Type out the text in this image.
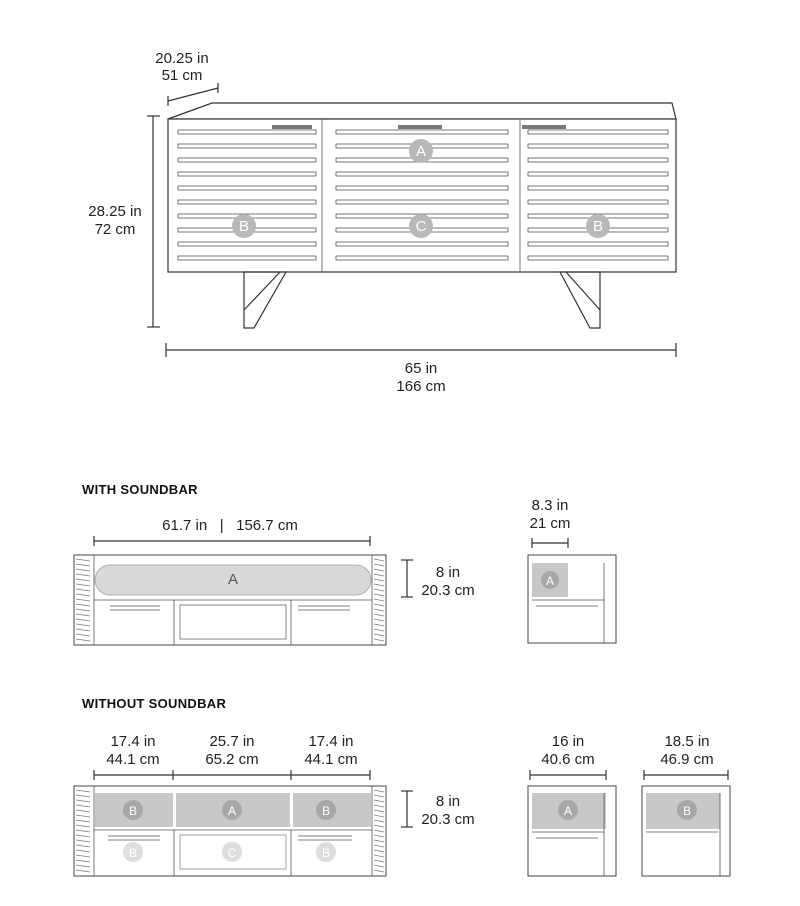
A
B	C	B
20.25 in
51 cm
28.25 in
72 cm
65 in
166 cm
WITH SOUNDBAR
61.7 in   |   156.7 cm
A	8 in
20.3 cm
8.3 in
21 cm
A
WITHOUT SOUNDBAR
17.4 in
44.1 cm
25.7 in
65.2 cm
17.4 in
44.1 cm
B	A	B
B	C	B
8 in
20.3 cm
16 in
40.6 cm
A
18.5 in
46.9 cm
B
